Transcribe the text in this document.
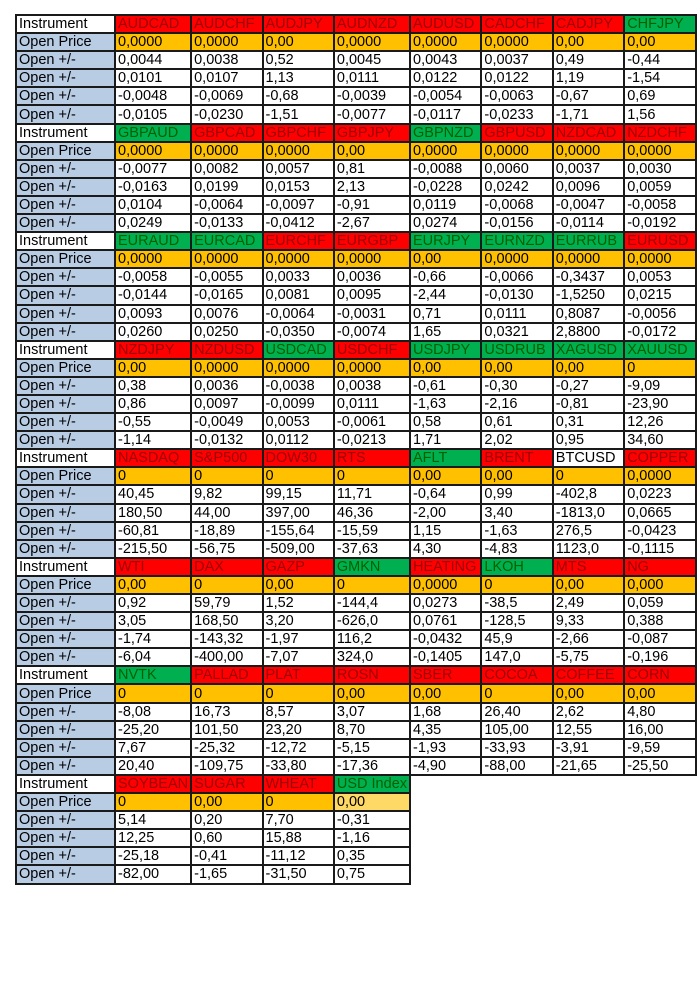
Instrument	AUDCAD	AUDCHF	AUDJPY	AUDNZD	AUDUSD	CADCHF	CADJPY	CHFJPY
Open Price	0,0000	0,0000	0,00	0,0000	0,0000	0,0000	0,00	0,00
Open +/-	0,0044	0,0038	0,52	0,0045	0,0043	0,0037	0,49	-0,44
Open +/-	0,0101	0,0107	1,13	0,0111	0,0122	0,0122	1,19	-1,54
Open +/-	-0,0048	-0,0069	-0,68	-0,0039	-0,0054	-0,0063	-0,67	0,69
Open +/-	-0,0105	-0,0230	-1,51	-0,0077	-0,0117	-0,0233	-1,71	1,56
Instrument	GBPAUD	GBPCAD	GBPCHF	GBPJPY	GBPNZD	GBPUSD	NZDCAD	NZDCHF
Open Price	0,0000	0,0000	0,0000	0,00	0,0000	0,0000	0,0000	0,0000
Open +/-	-0,0077	0,0082	0,0057	0,81	-0,0088	0,0060	0,0037	0,0030
Open +/-	-0,0163	0,0199	0,0153	2,13	-0,0228	0,0242	0,0096	0,0059
Open +/-	0,0104	-0,0064	-0,0097	-0,91	0,0119	-0,0068	-0,0047	-0,0058
Open +/-	0,0249	-0,0133	-0,0412	-2,67	0,0274	-0,0156	-0,0114	-0,0192
Instrument	EURAUD	EURCAD	EURCHF	EURGBP	EURJPY	EURNZD	EURRUB	EURUSD
Open Price	0,0000	0,0000	0,0000	0,0000	0,00	0,0000	0,0000	0,0000
Open +/-	-0,0058	-0,0055	0,0033	0,0036	-0,66	-0,0066	-0,3437	0,0053
Open +/-	-0,0144	-0,0165	0,0081	0,0095	-2,44	-0,0130	-1,5250	0,0215
Open +/-	0,0093	0,0076	-0,0064	-0,0031	0,71	0,0111	0,8087	-0,0056
Open +/-	0,0260	0,0250	-0,0350	-0,0074	1,65	0,0321	2,8800	-0,0172
Instrument	NZDJPY	NZDUSD	USDCAD	USDCHF	USDJPY	USDRUB	XAGUSD	XAUUSD
Open Price	0,00	0,0000	0,0000	0,0000	0,00	0,00	0,00	0
Open +/-	0,38	0,0036	-0,0038	0,0038	-0,61	-0,30	-0,27	-9,09
Open +/-	0,86	0,0097	-0,0099	0,0111	-1,63	-2,16	-0,81	-23,90
Open +/-	-0,55	-0,0049	0,0053	-0,0061	0,58	0,61	0,31	12,26
Open +/-	-1,14	-0,0132	0,0112	-0,0213	1,71	2,02	0,95	34,60
Instrument	NASDAQ	S&P500	DOW30	RTS	AFLT	BRENT	BTCUSD	COPPER
Open Price	0	0	0	0	0,00	0,00	0	0,0000
Open +/-	40,45	9,82	99,15	11,71	-0,64	0,99	-402,8	0,0223
Open +/-	180,50	44,00	397,00	46,36	-2,00	3,40	-1813,0	0,0665
Open +/-	-60,81	-18,89	-155,64	-15,59	1,15	-1,63	276,5	-0,0423
Open +/-	-215,50	-56,75	-509,00	-37,63	4,30	-4,83	1123,0	-0,1115
Instrument	WTI	DAX	GAZP	GMKN	HEATING	LKOH	MTS	NG
Open Price	0,00	0	0,00	0	0,0000	0	0,00	0,000
Open +/-	0,92	59,79	1,52	-144,4	0,0273	-38,5	2,49	0,059
Open +/-	3,05	168,50	3,20	-626,0	0,0761	-128,5	9,33	0,388
Open +/-	-1,74	-143,32	-1,97	116,2	-0,0432	45,9	-2,66	-0,087
Open +/-	-6,04	-400,00	-7,07	324,0	-0,1405	147,0	-5,75	-0,196
Instrument	NVTK	PALLAD	PLAT	ROSN	SBER	COCOA	COFFEE	CORN
Open Price	0	0	0	0,00	0,00	0	0,00	0,00
Open +/-	-8,08	16,73	8,57	3,07	1,68	26,40	2,62	4,80
Open +/-	-25,20	101,50	23,20	8,70	4,35	105,00	12,55	16,00
Open +/-	7,67	-25,32	-12,72	-5,15	-1,93	-33,93	-3,91	-9,59
Open +/-	20,40	-109,75	-33,80	-17,36	-4,90	-88,00	-21,65	-25,50
Instrument	SOYBEAN	SUGAR	WHEAT	USD Index				
Open Price	0	0,00	0	0,00				
Open +/-	5,14	0,20	7,70	-0,31				
Open +/-	12,25	0,60	15,88	-1,16				
Open +/-	-25,18	-0,41	-11,12	0,35				
Open +/-	-82,00	-1,65	-31,50	0,75				
